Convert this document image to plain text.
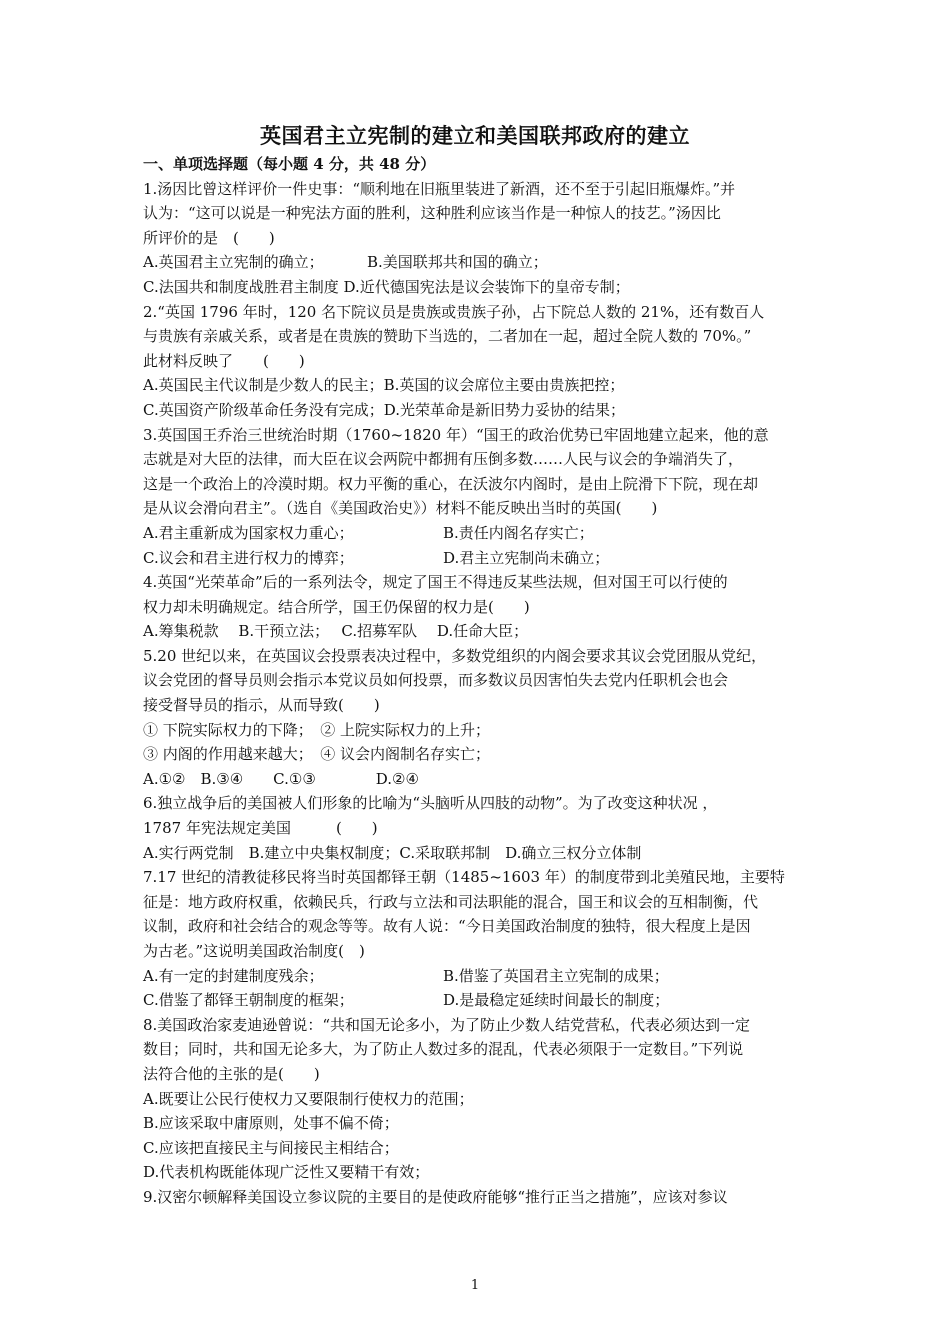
英国君主立宪制的建立和美国联邦政府的建立
一、单项选择题（每小题 4 分，共 48 分）
1.汤因比曾这样评价一件史事：“顺利地在旧瓶里装进了新酒，还不至于引起旧瓶爆炸。”并
认为：“这可以说是一种宪法方面的胜利，这种胜利应该当作是一种惊人的技艺。”汤因比
所评价的是　(　　)
A.英国君主立宪制的确立；	B.美国联邦共和国的确立；
C.法国共和制度战胜君主制度 D.近代德国宪法是议会装饰下的皇帝专制；
2.“英国 1796 年时，120 名下院议员是贵族或贵族子孙，占下院总人数的 21%，还有数百人
与贵族有亲戚关系，或者是在贵族的赞助下当选的，二者加在一起，超过全院人数的 70%。”
此材料反映了　　(　　)
A.英国民主代议制是少数人的民主；B.英国的议会席位主要由贵族把控；
C.英国资产阶级革命任务没有完成；D.光荣革命是新旧势力妥协的结果；
3.英国国王乔治三世统治时期（1760~1820 年）“国王的政治优势已牢固地建立起来，他的意
志就是对大臣的法律，而大臣在议会两院中都拥有压倒多数……人民与议会的争端消失了，
这是一个政治上的冷漠时期。权力平衡的重心，在沃波尔内阁时，是由上院滑下下院，现在却
是从议会滑向君主”。（选自《美国政治史》）材料不能反映出当时的英国(　　)
A.君主重新成为国家权力重心；	B.责任内阁名存实亡；
C.议会和君主进行权力的博弈；	D.君主立宪制尚未确立；
4.英国“光荣革命”后的一系列法令，规定了国王不得违反某些法规，但对国王可以行使的
权力却未明确规定。结合所学，国王仍保留的权力是(　　)
A.筹集税款　 B.干预立法；　 C.招募军队　 D.任命大臣；
5.20 世纪以来，在英国议会投票表决过程中，多数党组织的内阁会要求其议会党团服从党纪，
议会党团的督导员则会指示本党议员如何投票，而多数议员因害怕失去党内任职机会也会
接受督导员的指示，从而导致(　　)
① 下院实际权力的下降；　② 上院实际权力的上升；
③ 内阁的作用越来越大；　④ 议会内阁制名存实亡；
A.①②　B.③④　　C.①③　　　　D.②④
6.独立战争后的美国被人们形象的比喻为“头脑听从四肢的动物”。为了改变这种状况 ，
1787 年宪法规定美国　　　(　　)
A.实行两党制　B.建立中央集权制度；C.采取联邦制　D.确立三权分立体制
7.17 世纪的清教徒移民将当时英国都铎王朝（1485~1603 年）的制度带到北美殖民地，主要特
征是：地方政府权重，依赖民兵，行政与立法和司法职能的混合，国王和议会的互相制衡，代
议制，政府和社会结合的观念等等。故有人说：“今日美国政治制度的独特，很大程度上是因
为古老。”这说明美国政治制度(　)
A.有一定的封建制度残余；	B.借鉴了英国君主立宪制的成果；
C.借鉴了都铎王朝制度的框架；	D.是最稳定延续时间最长的制度；
8.美国政治家麦迪逊曾说：“共和国无论多小，为了防止少数人结党营私，代表必须达到一定
数目；同时，共和国无论多大，为了防止人数过多的混乱，代表必须限于一定数目。”下列说
法符合他的主张的是(　　)
A.既要让公民行使权力又要限制行使权力的范围；
B.应该采取中庸原则，处事不偏不倚；
C.应该把直接民主与间接民主相结合；
D.代表机构既能体现广泛性又要精干有效；
9.汉密尔顿解释美国设立参议院的主要目的是使政府能够“推行正当之措施”，应该对参议
1
